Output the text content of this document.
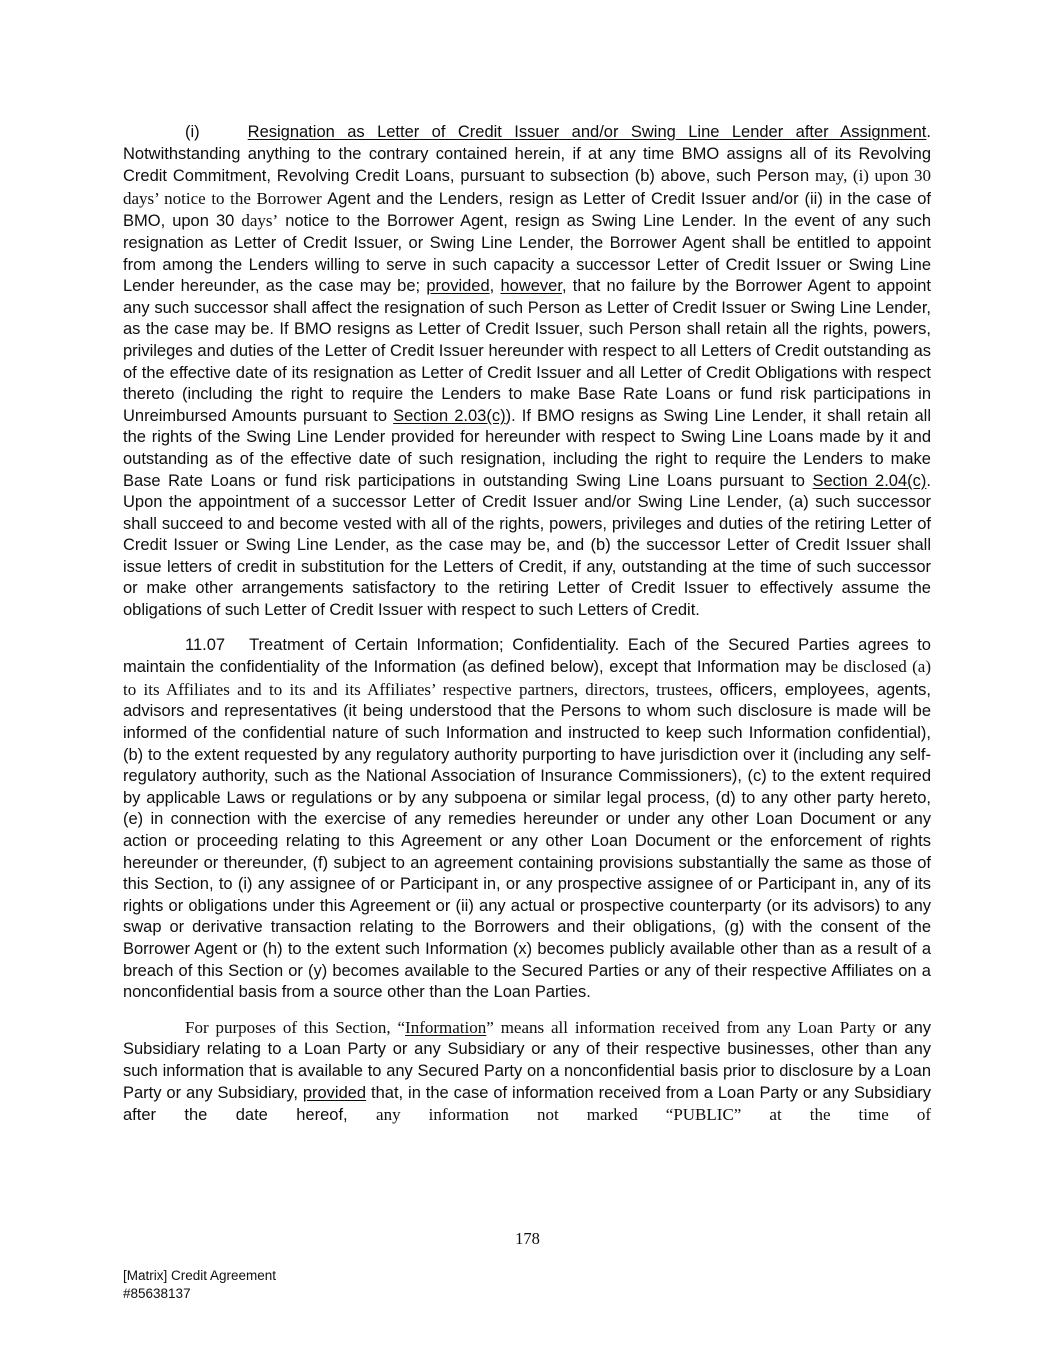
(i)	Resignation as Letter of Credit Issuer and/or Swing Line Lender after Assignment. Notwithstanding anything to the contrary contained herein, if at any time BMO assigns all of its Revolving Credit Commitment, Revolving Credit Loans, pursuant to subsection (b) above, such Person may, (i) upon 30 days’ notice to the Borrower Agent and the Lenders, resign as Letter of Credit Issuer and/or (ii) in the case of BMO, upon 30 days’ notice to the Borrower Agent, resign as Swing Line Lender. In the event of any such resignation as Letter of Credit Issuer, or Swing Line Lender, the Borrower Agent shall be entitled to appoint from among the Lenders willing to serve in such capacity a successor Letter of Credit Issuer or Swing Line Lender hereunder, as the case may be; provided, however, that no failure by the Borrower Agent to appoint any such successor shall affect the resignation of such Person as Letter of Credit Issuer or Swing Line Lender, as the case may be. If BMO resigns as Letter of Credit Issuer, such Person shall retain all the rights, powers, privileges and duties of the Letter of Credit Issuer hereunder with respect to all Letters of Credit outstanding as of the effective date of its resignation as Letter of Credit Issuer and all Letter of Credit Obligations with respect thereto (including the right to require the Lenders to make Base Rate Loans or fund risk participations in Unreimbursed Amounts pursuant to Section 2.03(c)). If BMO resigns as Swing Line Lender, it shall retain all the rights of the Swing Line Lender provided for hereunder with respect to Swing Line Loans made by it and outstanding as of the effective date of such resignation, including the right to require the Lenders to make Base Rate Loans or fund risk participations in outstanding Swing Line Loans pursuant to Section 2.04(c). Upon the appointment of a successor Letter of Credit Issuer and/or Swing Line Lender, (a) such successor shall succeed to and become vested with all of the rights, powers, privileges and duties of the retiring Letter of Credit Issuer or Swing Line Lender, as the case may be, and (b) the successor Letter of Credit Issuer shall issue letters of credit in substitution for the Letters of Credit, if any, outstanding at the time of such successor or make other arrangements satisfactory to the retiring Letter of Credit Issuer to effectively assume the obligations of such Letter of Credit Issuer with respect to such Letters of Credit.

11.07 Treatment of Certain Information; Confidentiality. Each of the Secured Parties agrees to maintain the confidentiality of the Information (as defined below), except that Information may be disclosed (a) to its Affiliates and to its and its Affiliates’ respective partners, directors, trustees, officers, employees, agents, advisors and representatives (it being understood that the Persons to whom such disclosure is made will be informed of the confidential nature of such Information and instructed to keep such Information confidential), (b) to the extent requested by any regulatory authority purporting to have jurisdiction over it (including any self-regulatory authority, such as the National Association of Insurance Commissioners), (c) to the extent required by applicable Laws or regulations or by any subpoena or similar legal process, (d) to any other party hereto, (e) in connection with the exercise of any remedies hereunder or under any other Loan Document or any action or proceeding relating to this Agreement or any other Loan Document or the enforcement of rights hereunder or thereunder, (f) subject to an agreement containing provisions substantially the same as those of this Section, to (i) any assignee of or Participant in, or any prospective assignee of or Participant in, any of its rights or obligations under this Agreement or (ii) any actual or prospective counterparty (or its advisors) to any swap or derivative transaction relating to the Borrowers and their obligations, (g) with the consent of the Borrower Agent or (h) to the extent such Information (x) becomes publicly available other than as a result of a breach of this Section or (y) becomes available to the Secured Parties or any of their respective Affiliates on a nonconfidential basis from a source other than the Loan Parties.

For purposes of this Section, “Information” means all information received from any Loan Party or any Subsidiary relating to a Loan Party or any Subsidiary or any of their respective businesses, other than any such information that is available to any Secured Party on a nonconfidential basis prior to disclosure by a Loan Party or any Subsidiary, provided that, in the case of information received from a Loan Party or any Subsidiary after the date hereof, any information not marked “PUBLIC” at the time of

178
[Matrix] Credit Agreement
#85638137
